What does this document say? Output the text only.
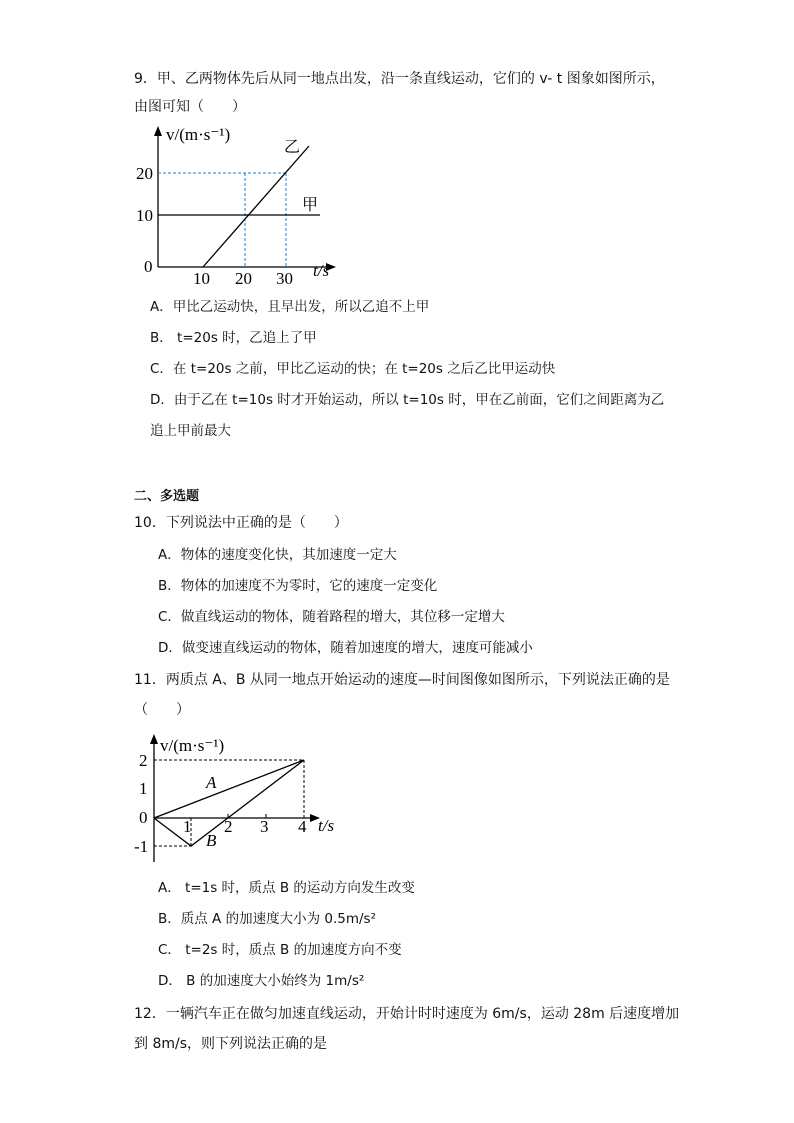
9．甲、乙两物体先后从同一地点出发，沿一条直线运动，它们的 v- t 图象如图所示，
由图可知（　　）
v/(m·s⁻¹)
t/s
20
10
0
10 20 30
乙
甲
A．甲比乙运动快，且早出发，所以乙追不上甲
B． t=20s 时，乙追上了甲
C．在 t=20s 之前，甲比乙运动的快；在 t=20s 之后乙比甲运动快
D．由于乙在 t=10s 时才开始运动，所以 t=10s 时，甲在乙前面，它们之间距离为乙
追上甲前最大
二、多选题
10．下列说法中正确的是（　　）
A．物体的速度变化快，其加速度一定大
B．物体的加速度不为零时，它的速度一定变化
C．做直线运动的物体，随着路程的增大，其位移一定增大
D．做变速直线运动的物体，随着加速度的增大，速度可能减小
11．两质点 A、B 从同一地点开始运动的速度—时间图像如图所示，下列说法正确的是
（　　）
v/(m·s⁻¹)
t/s
2
1
0
-1
1 2 3 4
A
B
A． t=1s 时，质点 B 的运动方向发生改变
B．质点 A 的加速度大小为 0.5m/s²
C． t=2s 时，质点 B 的加速度方向不变
D． B 的加速度大小始终为 1m/s²
12．一辆汽车正在做匀加速直线运动，开始计时时速度为 6m/s，运动 28m 后速度增加
到 8m/s，则下列说法正确的是
